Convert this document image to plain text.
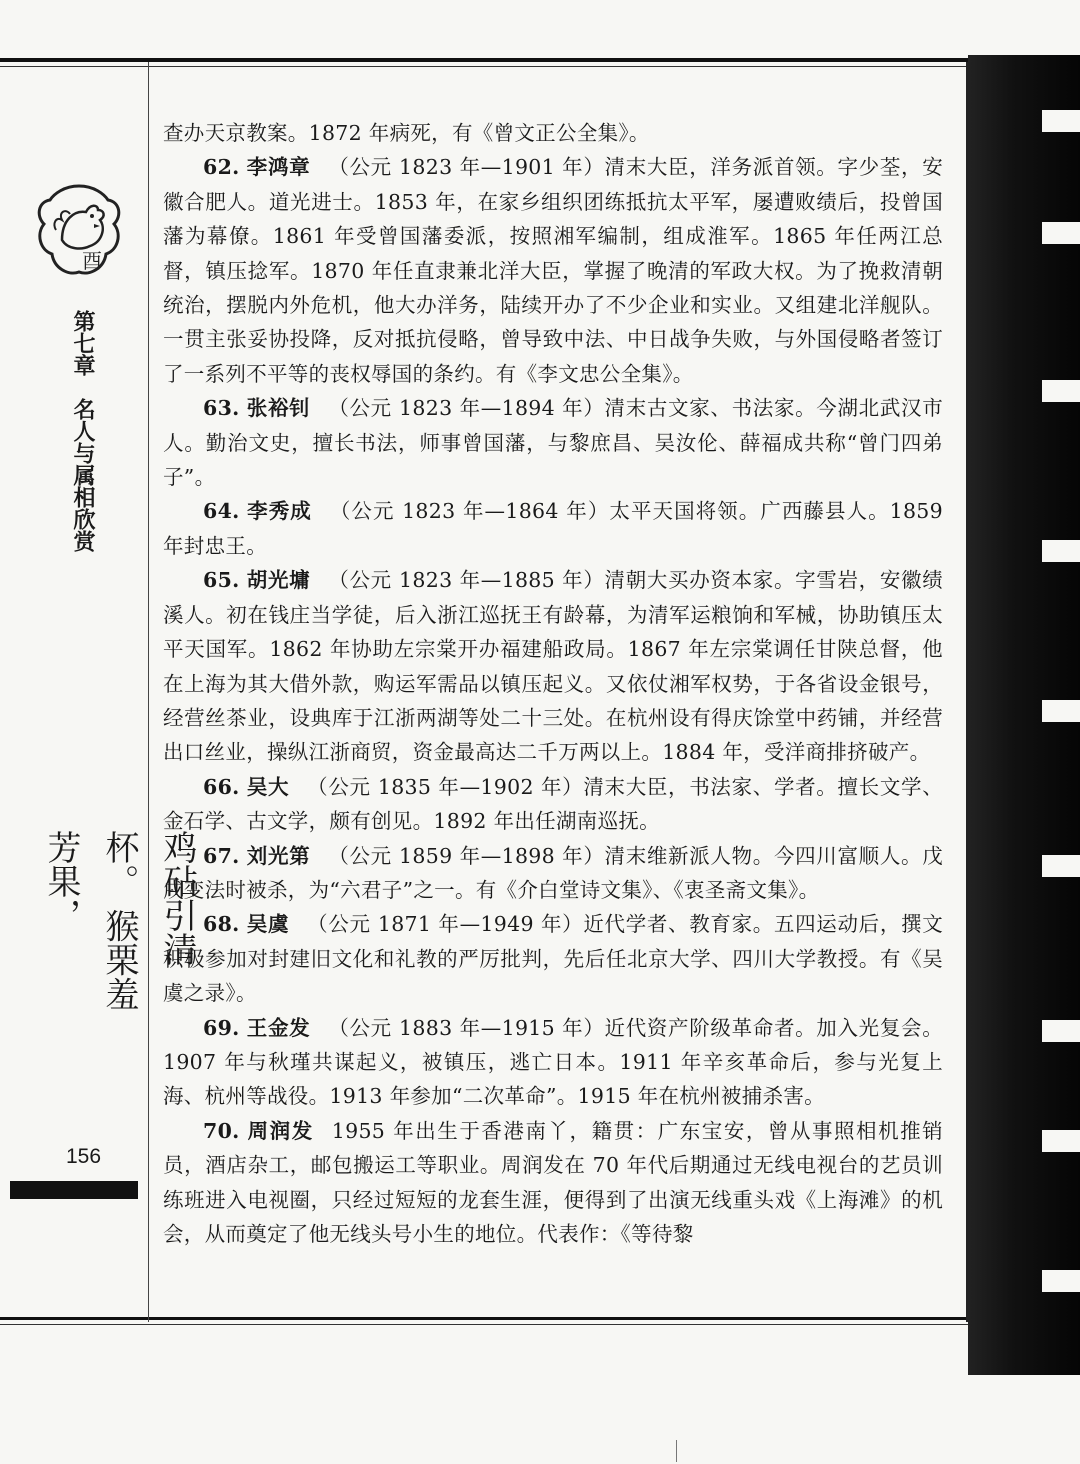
酉
第七章　名人与属相欣赏
鸡砧引清杯。 猴栗羞芳果，
156

查办天京教案。1872 年病死，有《曾文正公全集》。

62. 李鸿章 （公元 1823 年—1901 年）清末大臣，洋务派首领。字少荃，安徽合肥人。道光进士。1853 年，在家乡组织团练抵抗太平军，屡遭败绩后，投曾国藩为幕僚。1861 年受曾国藩委派，按照湘军编制，组成淮军。1865 年任两江总督，镇压捻军。1870 年任直隶兼北洋大臣，掌握了晚清的军政大权。为了挽救清朝统治，摆脱内外危机，他大办洋务，陆续开办了不少企业和实业。又组建北洋舰队。一贯主张妥协投降，反对抵抗侵略，曾导致中法、中日战争失败，与外国侵略者签订了一系列不平等的丧权辱国的条约。有《李文忠公全集》。

63. 张裕钊 （公元 1823 年—1894 年）清末古文家、书法家。今湖北武汉市人。勤治文史，擅长书法，师事曾国藩，与黎庶昌、吴汝伦、薛福成共称“曾门四弟子”。

64. 李秀成 （公元 1823 年—1864 年）太平天国将领。广西藤县人。1859 年封忠王。

65. 胡光墉 （公元 1823 年—1885 年）清朝大买办资本家。字雪岩，安徽绩溪人。初在钱庄当学徒，后入浙江巡抚王有龄幕，为清军运粮饷和军械，协助镇压太平天国军。1862 年协助左宗棠开办福建船政局。1867 年左宗棠调任甘陕总督，他在上海为其大借外款，购运军需品以镇压起义。又依仗湘军权势，于各省设金银号，经营丝茶业，设典库于江浙两湖等处二十三处。在杭州设有得庆馀堂中药铺，并经营出口丝业，操纵江浙商贸，资金最高达二千万两以上。1884 年，受洋商排挤破产。

66. 吴大 （公元 1835 年—1902 年）清末大臣，书法家、学者。擅长文学、金石学、古文学，颇有创见。1892 年出任湖南巡抚。

67. 刘光第 （公元 1859 年—1898 年）清末维新派人物。今四川富顺人。戊戌变法时被杀，为“六君子”之一。有《介白堂诗文集》、《衷圣斋文集》。

68. 吴虞 （公元 1871 年—1949 年）近代学者、教育家。五四运动后，撰文积极参加对封建旧文化和礼教的严厉批判，先后任北京大学、四川大学教授。有《吴虞之录》。

69. 王金发 （公元 1883 年—1915 年）近代资产阶级革命者。加入光复会。1907 年与秋瑾共谋起义，被镇压，逃亡日本。1911 年辛亥革命后，参与光复上海、杭州等战役。1913 年参加“二次革命”。1915 年在杭州被捕杀害。

70. 周润发 1955 年出生于香港南丫，籍贯：广东宝安，曾从事照相机推销员，酒店杂工，邮包搬运工等职业。周润发在 70 年代后期通过无线电视台的艺员训练班进入电视圈，只经过短短的龙套生涯，便得到了出演无线重头戏《上海滩》的机会，从而奠定了他无线头号小生的地位。代表作：《等待黎
